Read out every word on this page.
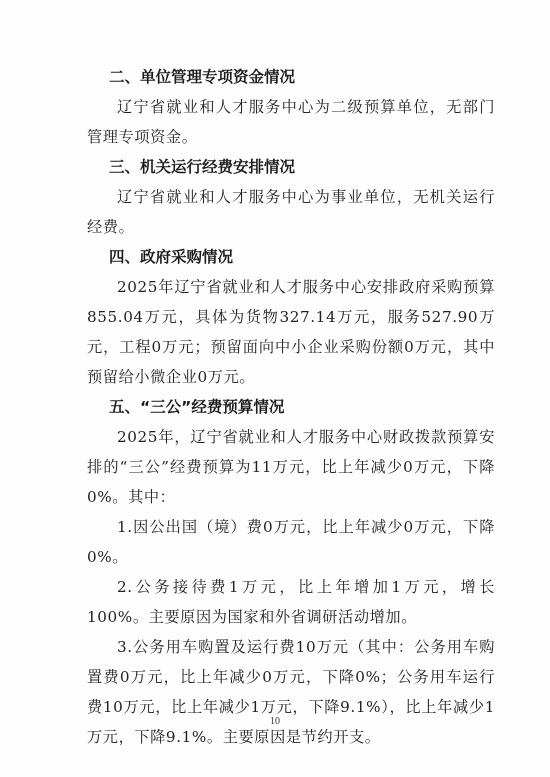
二、单位管理专项资金情况

辽宁省就业和人才服务中心为二级预算单位，无部门管理专项资金。

三、机关运行经费安排情况

辽宁省就业和人才服务中心为事业单位，无机关运行经费。

四、政府采购情况

2025年辽宁省就业和人才服务中心安排政府采购预算855.04万元，具体为货物327.14万元，服务527.90万元，工程0万元；预留面向中小企业采购份额0万元，其中预留给小微企业0万元。

五、“三公”经费预算情况

2025年，辽宁省就业和人才服务中心财政拨款预算安排的“三公”经费预算为11万元，比上年减少0万元，下降0%。其中：

1.因公出国（境）费0万元，比上年减少0万元，下降0%。

2.公务接待费1万元，比上年增加1万元，增长100%。主要原因为国家和外省调研活动增加。

3.公务用车购置及运行费10万元（其中：公务用车购置费0万元，比上年减少0万元，下降0%；公务用车运行费10万元，比上年减少1万元，下降9.1%），比上年减少1万元，下降9.1%。主要原因是节约开支。

10
